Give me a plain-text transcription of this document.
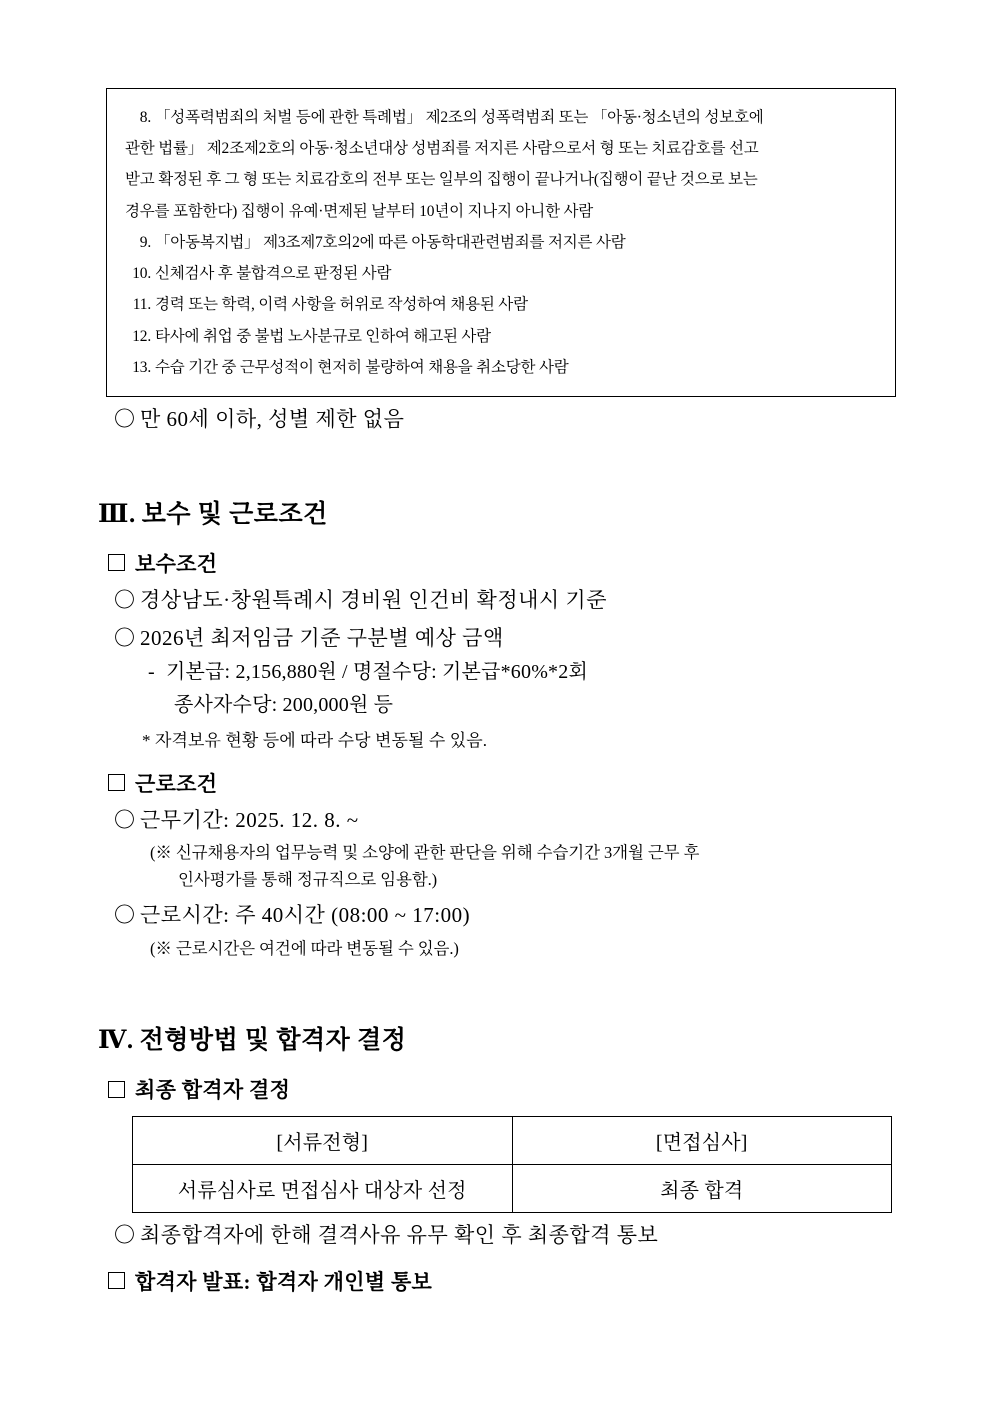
8. 「성폭력범죄의 처벌 등에 관한 특례법」 제2조의 성폭력범죄 또는 「아동·청소년의 성보호에
관한 법률」 제2조제2호의 아동·청소년대상 성범죄를 저지른 사람으로서 형 또는 치료감호를 선고
받고 확정된 후 그 형 또는 치료감호의 전부 또는 일부의 집행이 끝나거나(집행이 끝난 것으로 보는
경우를 포함한다) 집행이 유예·면제된 날부터 10년이 지나지 아니한 사람
9. 「아동복지법」 제3조제7호의2에 따른 아동학대관련범죄를 저지른 사람
10. 신체검사 후 불합격으로 판정된 사람
11. 경력 또는 학력, 이력 사항을 허위로 작성하여 채용된 사람
12. 타사에 취업 중 불법 노사분규로 인하여 해고된 사람
13. 수습 기간 중 근무성적이 현저히 불량하여 채용을 취소당한 사람
〇 만 60세 이하, 성별 제한 없음
Ⅲ. 보수 및 근로조건
보수조건
〇 경상남도·창원특례시 경비원 인건비 확정내시 기준
〇 2026년 최저임금 기준 구분별 예상 금액
- 기본급: 2,156,880원 / 명절수당: 기본급*60%*2회
종사자수당: 200,000원 등
* 자격보유 현황 등에 따라 수당 변동될 수 있음.
근로조건
〇 근무기간: 2025. 12. 8. ~
(※ 신규채용자의 업무능력 및 소양에 관한 판단을 위해 수습기간 3개월 근무 후
인사평가를 통해 정규직으로 임용함.)
〇 근로시간: 주 40시간 (08:00 ~ 17:00)
(※ 근로시간은 여건에 따라 변동될 수 있음.)
Ⅳ. 전형방법 및 합격자 결정
최종 합격자 결정
[서류전형]	[면접심사]
서류심사로 면접심사 대상자 선정	최종 합격
〇 최종합격자에 한해 결격사유 유무 확인 후 최종합격 통보
합격자 발표: 합격자 개인별 통보
